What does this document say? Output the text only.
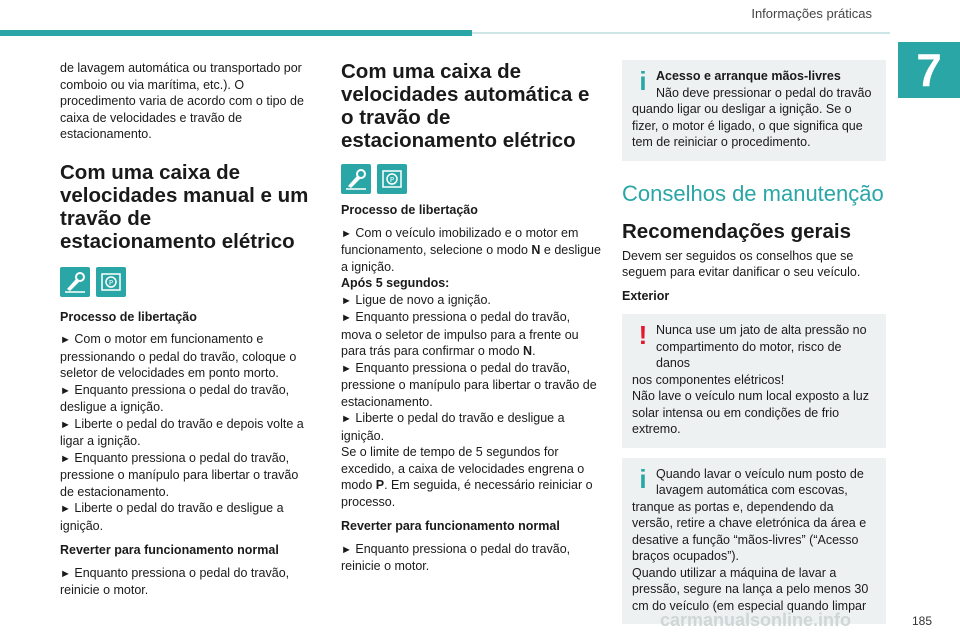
Informações práticas
7

de lavagem automática ou transportado por comboio ou via marítima, etc.). O procedimento varia de acordo com o tipo de caixa de velocidades e travão de estacionamento.

Com uma caixa de velocidades manual e um travão de estacionamento elétrico
P
Processo de libertação

► Com o motor em funcionamento e pressionando o pedal do travão, coloque o seletor de velocidades em ponto morto.

► Enquanto pressiona o pedal do travão, desligue a ignição.

► Liberte o pedal do travão e depois volte a ligar a ignição.

► Enquanto pressiona o pedal do travão, pressione o manípulo para libertar o travão de estacionamento.

► Liberte o pedal do travão e desligue a ignição.

Reverter para funcionamento normal

► Enquanto pressiona o pedal do travão, reinicie o motor.

Com uma caixa de velocidades automática e o travão de estacionamento elétrico
P
Processo de libertação

► Com o veículo imobilizado e o motor em funcionamento, selecione o modo N e desligue a ignição.

Após 5 segundos:

► Ligue de novo a ignição.

► Enquanto pressiona o pedal do travão, mova o seletor de impulso para a frente ou para trás para confirmar o modo N.

► Enquanto pressiona o pedal do travão, pressione o manípulo para libertar o travão de estacionamento.

► Liberte o pedal do travão e desligue a ignição.

Se o limite de tempo de 5 segundos for excedido, a caixa de velocidades engrena o modo P. Em seguida, é necessário reiniciar o processo.

Reverter para funcionamento normal

► Enquanto pressiona o pedal do travão, reinicie o motor.

i Acesso e arranque mãos-livres

Não deve pressionar o pedal do travão

quando ligar ou desligar a ignição. Se o fizer, o motor é ligado, o que significa que tem de reiniciar o procedimento.

Conselhos de manutenção

Recomendações gerais

Devem ser seguidos os conselhos que se seguem para evitar danificar o seu veículo.

Exterior
! Nunca use um jato de alta pressão no compartimento do motor, risco de danos

nos componentes elétricos!

Não lave o veículo num local exposto a luz solar intensa ou em condições de frio extremo.

i Quando lavar o veículo num posto de lavagem automática com escovas,

tranque as portas e, dependendo da versão, retire a chave eletrónica da área e desative a função “mãos-livres” (“Acesso braços ocupados”).

Quando utilizar a máquina de lavar a pressão, segure na lança a pelo menos 30 cm do veículo (em especial quando limpar

carmanualsonline.info	185
